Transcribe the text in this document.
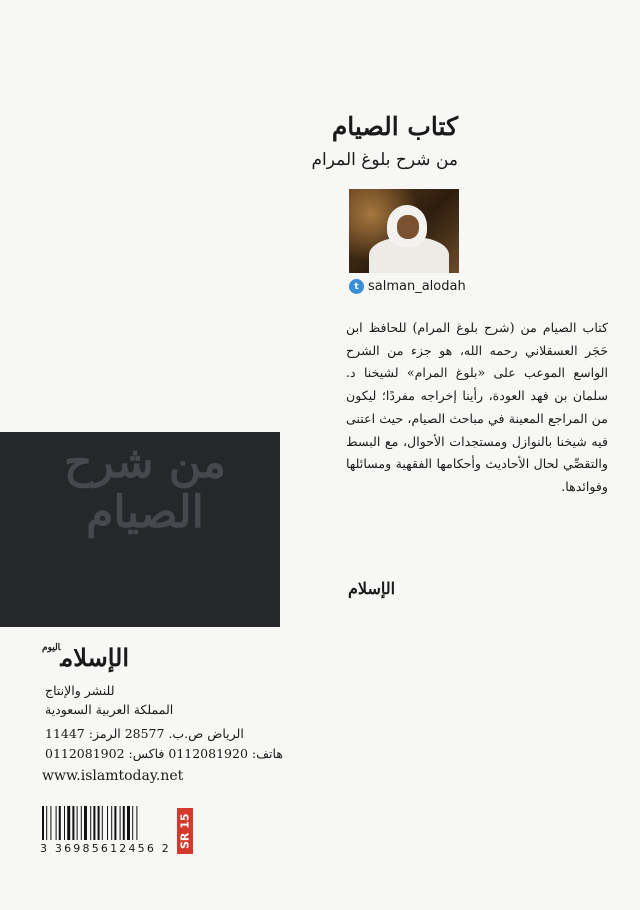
كتاب الصيام
من شرح بلوغ المرام
t salman_alodah
كتاب الصيام من (شرح بلوغ المرام) للحافظ ابن حَجَر العسقلاني رحمه الله، هو جزء من الشرح الواسع الموعب على «بلوغ المرام» لشيخنا د. سلمان بن فهد العودة، رأينا إخراجه مفردًا؛ ليكون من المراجع المعينة في مباحث الصيام، حيث اعتنى فيه شيخنا بالنوازل ومستجدات الأحوال، مع البسط والتقصِّي لحال الأحاديث وأحكامها الفقهية ومسائلها وفوائدها.
الإسلام
من شرح
الصيام
الإسلام$^{اليوم}$
للنشر والإنتاج
المملكة العربية السعودية
الرياض ص.ب. 28577 الرمز: 11447
هاتف: 0112081920 فاكس: 0112081902
www.islamtoday.net
3 36985612456 2 SR 15
